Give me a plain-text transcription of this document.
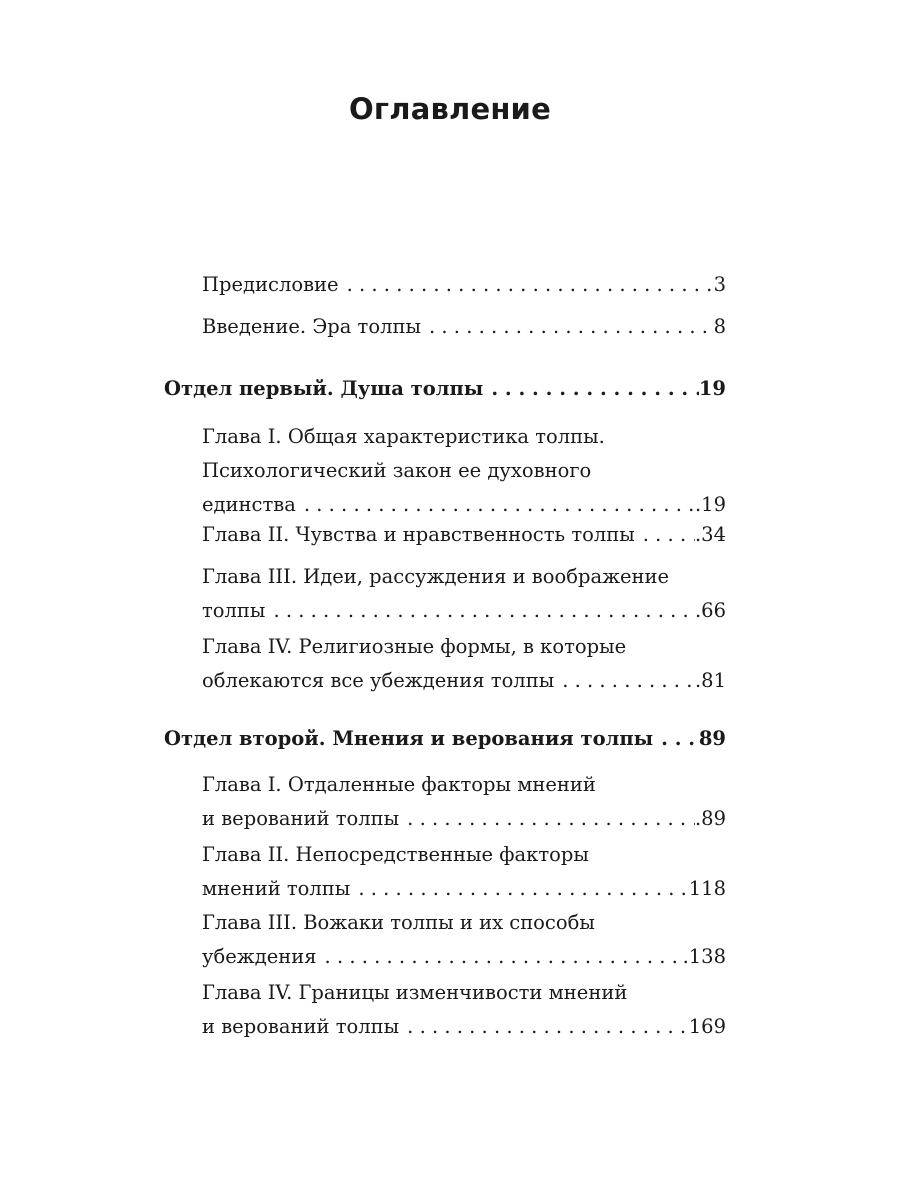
Оглавление
Предисловие . . .	3
Введение. Эра толпы . . .	8
Отдел первый. Душа толпы . . .	19
Глава I. Общая характеристика толпы.
Психологический закон ее духовного
единства . . .	.19
Глава II. Чувства и нравственность толпы . . .	.34
Глава III. Идеи, рассуждения и воображение
толпы . . .	.66
Глава IV. Религиозные формы, в которые
облекаются все убеждения толпы . . .	.81
Отдел второй. Мнения и верования толпы . . . 89
Глава I. Отдаленные факторы мнений
и верований толпы . . .	.89
Глава II. Непосредственные факторы
мнений толпы . . .	118
Глава III. Вожаки толпы и их способы
убеждения . . .	.138
Глава IV. Границы изменчивости мнений
и верований толпы . . .	169
